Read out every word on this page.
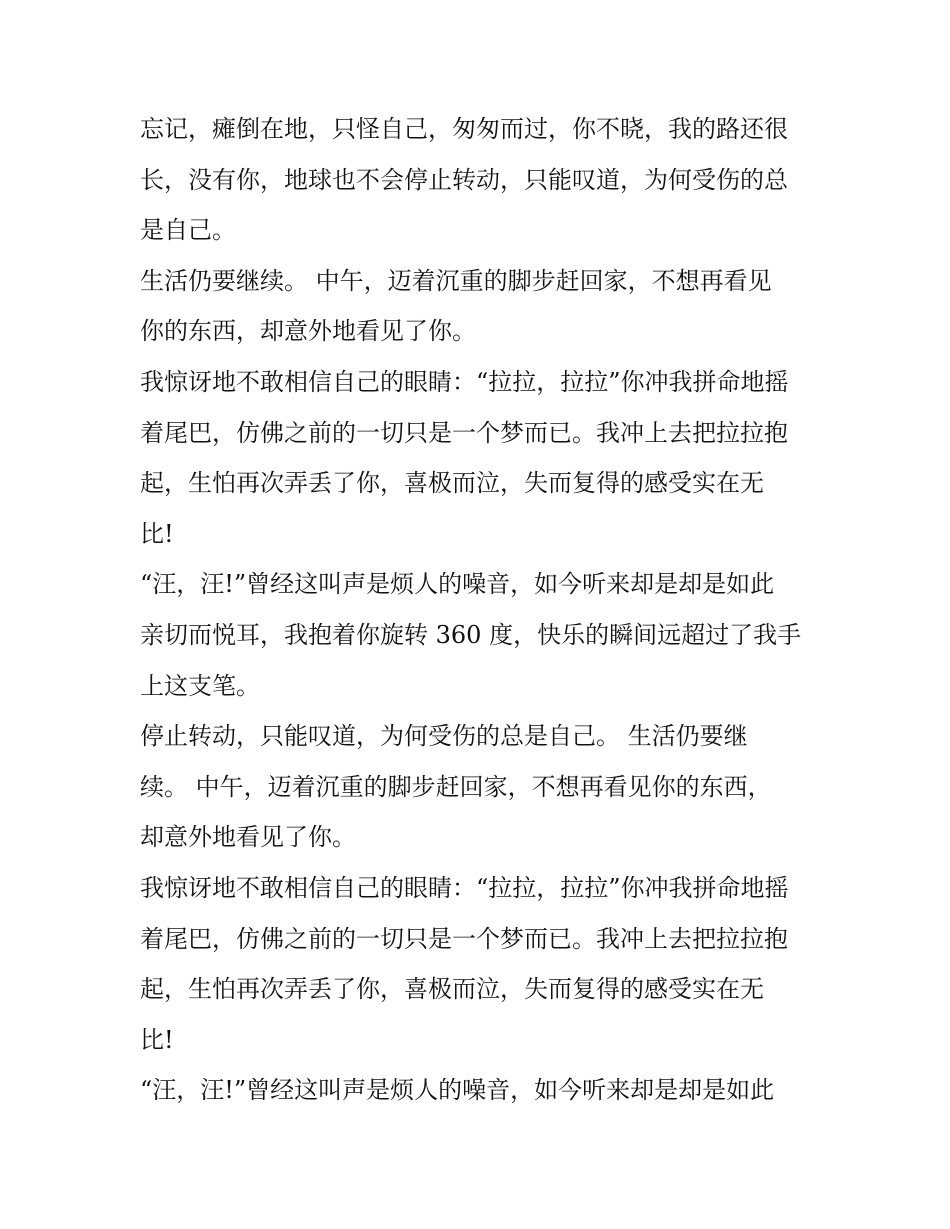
忘记，瘫倒在地，只怪自己，匆匆而过，你不晓，我的路还很
长，没有你，地球也不会停止转动，只能叹道，为何受伤的总
是自己。
生活仍要继续。 中午，迈着沉重的脚步赶回家，不想再看见
你的东西，却意外地看见了你。
我惊讶地不敢相信自己的眼睛：“拉拉，拉拉”你冲我拼命地摇
着尾巴，仿佛之前的一切只是一个梦而已。我冲上去把拉拉抱
起，生怕再次弄丢了你，喜极而泣，失而复得的感受实在无
比!
“汪，汪!”曾经这叫声是烦人的噪音，如今听来却是却是如此
亲切而悦耳，我抱着你旋转 360 度，快乐的瞬间远超过了我手
上这支笔。
停止转动，只能叹道，为何受伤的总是自己。 生活仍要继
续。 中午，迈着沉重的脚步赶回家，不想再看见你的东西，
却意外地看见了你。
我惊讶地不敢相信自己的眼睛：“拉拉，拉拉”你冲我拼命地摇
着尾巴，仿佛之前的一切只是一个梦而已。我冲上去把拉拉抱
起，生怕再次弄丢了你，喜极而泣，失而复得的感受实在无
比!
“汪，汪!”曾经这叫声是烦人的噪音，如今听来却是却是如此
